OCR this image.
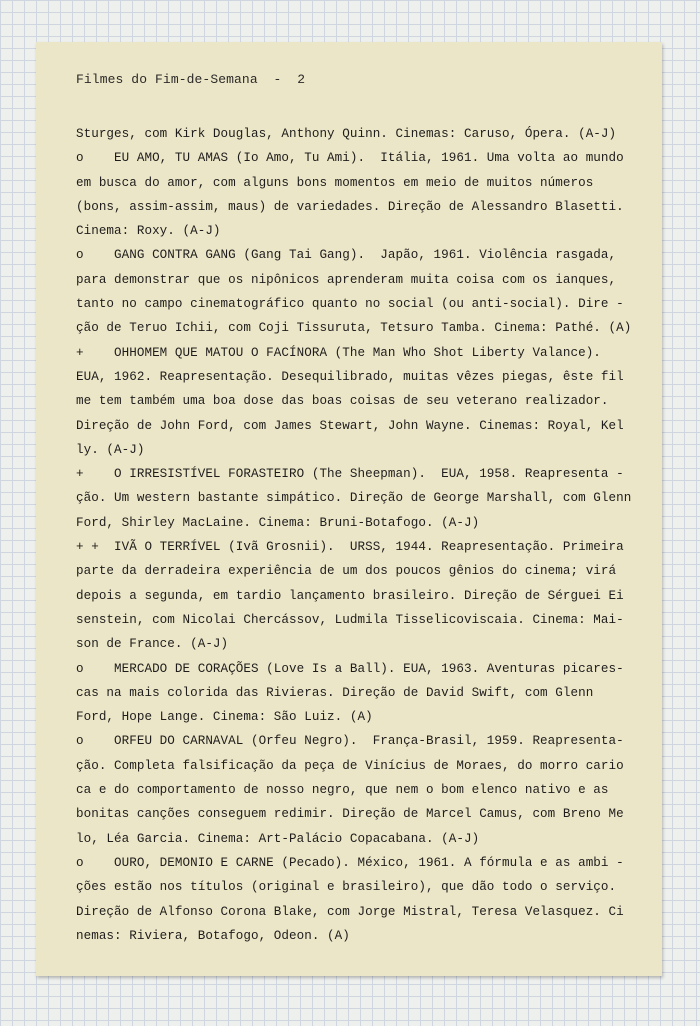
Filmes do Fim-de-Semana  -  2
Sturges, com Kirk Douglas, Anthony Quinn. Cinemas: Caruso, Ópera. (A-J)
o    EU AMO, TU AMAS (Io Amo, Tu Ami).  Itália, 1961. Uma volta ao mundo
em busca do amor, com alguns bons momentos em meio de muitos números
(bons, assim-assim, maus) de variedades. Direção de Alessandro Blasetti.
Cinema: Roxy. (A-J)
o    GANG CONTRA GANG (Gang Tai Gang).  Japão, 1961. Violência rasgada,
para demonstrar que os nipônicos aprenderam muita coisa com os ianques,
tanto no campo cinematográfico quanto no social (ou anti-social). Dire -
ção de Teruo Ichii, com Coji Tissuruta, Tetsuro Tamba. Cinema: Pathé. (A)
+    OHHOMEM QUE MATOU O FACÍNORA (The Man Who Shot Liberty Valance).
EUA, 1962. Reapresentação. Desequilibrado, muitas vêzes piegas, êste fil
me tem também uma boa dose das boas coisas de seu veterano realizador.
Direção de John Ford, com James Stewart, John Wayne. Cinemas: Royal, Kel
ly. (A-J)
+    O IRRESISTÍVEL FORASTEIRO (The Sheepman).  EUA, 1958. Reapresenta -
ção. Um western bastante simpático. Direção de George Marshall, com Glenn
Ford, Shirley MacLaine. Cinema: Bruni-Botafogo. (A-J)
+ +  IVÃ O TERRÍVEL (Ivã Grosnii).  URSS, 1944. Reapresentação. Primeira
parte da derradeira experiência de um dos poucos gênios do cinema; virá
depois a segunda, em tardio lançamento brasileiro. Direção de Sérguei Ei
senstein, com Nicolai Chercássov, Ludmila Tisselicoviscaia. Cinema: Mai-
son de France. (A-J)
o    MERCADO DE CORAÇÕES (Love Is a Ball). EUA, 1963. Aventuras picares-
cas na mais colorida das Rivieras. Direção de David Swift, com Glenn
Ford, Hope Lange. Cinema: São Luiz. (A)
o    ORFEU DO CARNAVAL (Orfeu Negro).  França-Brasil, 1959. Reapresenta-
ção. Completa falsificação da peça de Vinícius de Moraes, do morro cario
ca e do comportamento de nosso negro, que nem o bom elenco nativo e as
bonitas canções conseguem redimir. Direção de Marcel Camus, com Breno Me
lo, Léa Garcia. Cinema: Art-Palácio Copacabana. (A-J)
o    OURO, DEMONIO E CARNE (Pecado). México, 1961. A fórmula e as ambi -
ções estão nos títulos (original e brasileiro), que dão todo o serviço.
Direção de Alfonso Corona Blake, com Jorge Mistral, Teresa Velasquez. Ci
nemas: Riviera, Botafogo, Odeon. (A)
